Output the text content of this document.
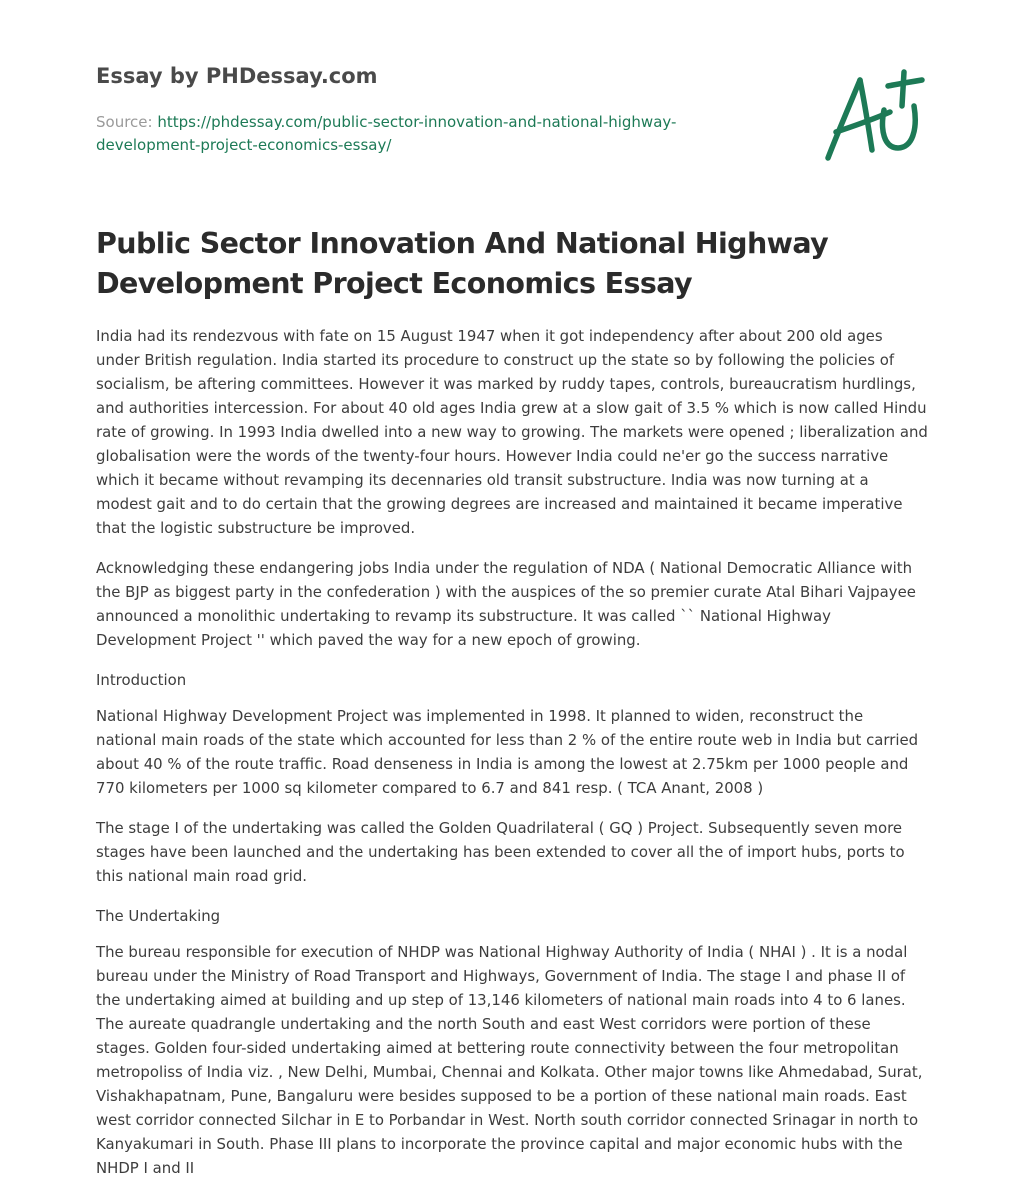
Essay by PHDessay.com
Source: https://phdessay.com/public-sector-innovation-and-national-highway-development-project-economics-essay/
Public Sector Innovation And National Highway Development Project Economics Essay

India had its rendezvous with fate on 15 August 1947 when it got independency after about 200 old ages under British regulation. India started its procedure to construct up the state so by following the policies of socialism, be aftering committees. However it was marked by ruddy tapes, controls, bureaucratism hurdlings, and authorities intercession. For about 40 old ages India grew at a slow gait of 3.5 % which is now called Hindu rate of growing. In 1993 India dwelled into a new way to growing. The markets were opened ; liberalization and globalisation were the words of the twenty-four hours. However India could ne'er go the success narrative which it became without revamping its decennaries old transit substructure. India was now turning at a modest gait and to do certain that the growing degrees are increased and maintained it became imperative that the logistic substructure be improved.

Acknowledging these endangering jobs India under the regulation of NDA ( National Democratic Alliance with the BJP as biggest party in the confederation ) with the auspices of the so premier curate Atal Bihari Vajpayee announced a monolithic undertaking to revamp its substructure. It was called `` National Highway Development Project '' which paved the way for a new epoch of growing.

Introduction

National Highway Development Project was implemented in 1998. It planned to widen, reconstruct the national main roads of the state which accounted for less than 2 % of the entire route web in India but carried about 40 % of the route traffic. Road denseness in India is among the lowest at 2.75km per 1000 people and 770 kilometers per 1000 sq kilometer compared to 6.7 and 841 resp. ( TCA Anant, 2008 )

The stage I of the undertaking was called the Golden Quadrilateral ( GQ ) Project. Subsequently seven more stages have been launched and the undertaking has been extended to cover all the of import hubs, ports to this national main road grid.

The Undertaking

The bureau responsible for execution of NHDP was National Highway Authority of India ( NHAI ) . It is a nodal bureau under the Ministry of Road Transport and Highways, Government of India. The stage I and phase II of the undertaking aimed at building and up step of 13,146 kilometers of national main roads into 4 to 6 lanes. The aureate quadrangle undertaking and the north South and east West corridors were portion of these stages. Golden four-sided undertaking aimed at bettering route connectivity between the four metropolitan metropoliss of India viz. , New Delhi, Mumbai, Chennai and Kolkata. Other major towns like Ahmedabad, Surat, Vishakhapatnam, Pune, Bangaluru were besides supposed to be a portion of these national main roads. East west corridor connected Silchar in E to Porbandar in West. North south corridor connected Srinagar in north to Kanyakumari in South. Phase III plans to incorporate the province capital and major economic hubs with the NHDP I and II
